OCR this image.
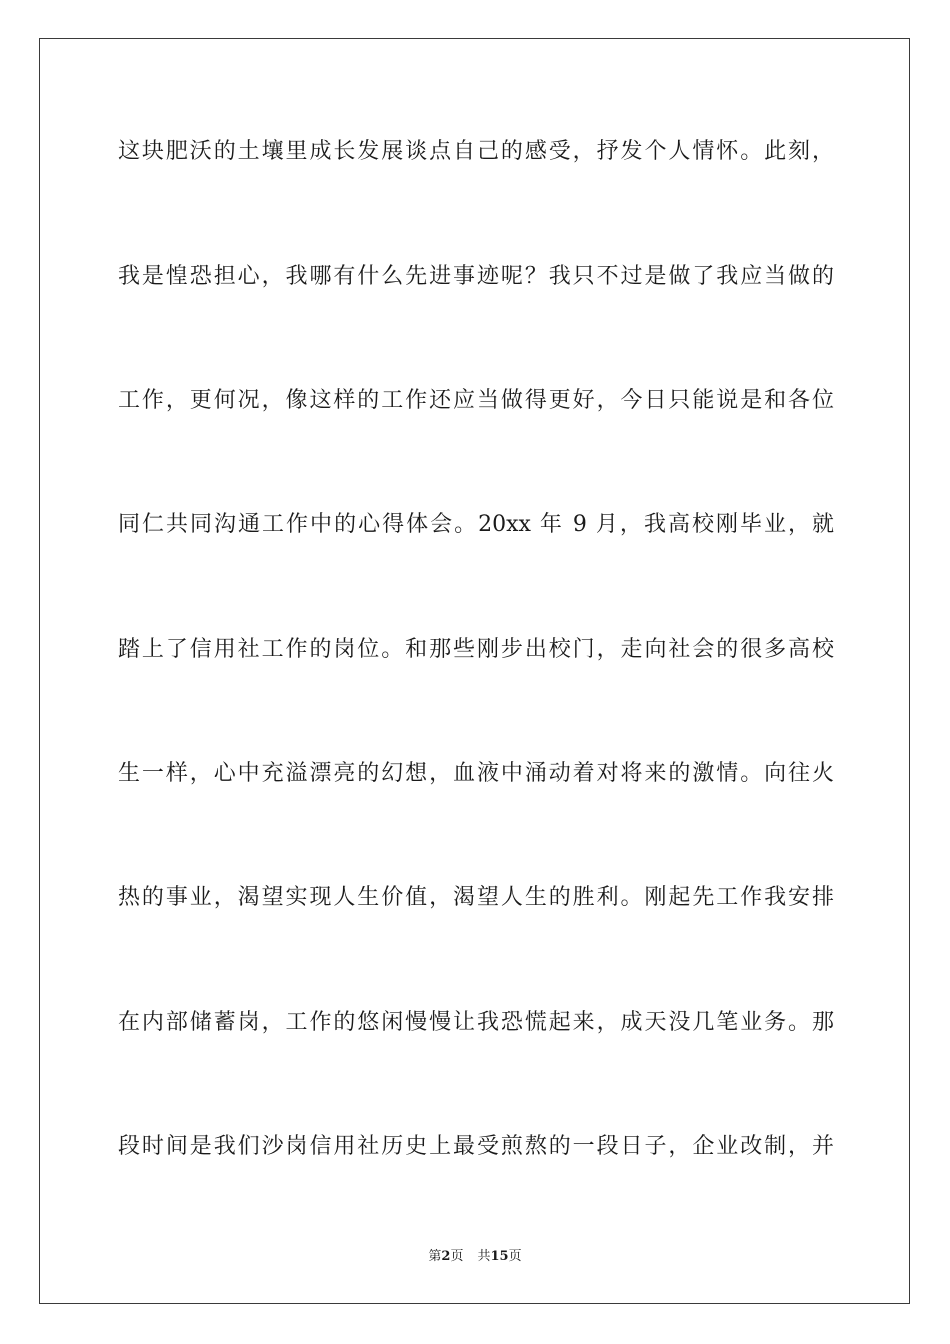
这块肥沃的土壤里成长发展谈点自己的感受，抒发个人情怀。此刻，
我是惶恐担心，我哪有什么先进事迹呢？我只不过是做了我应当做的
工作，更何况，像这样的工作还应当做得更好，今日只能说是和各位
同仁共同沟通工作中的心得体会。20xx 年 9 月，我高校刚毕业，就
踏上了信用社工作的岗位。和那些刚步出校门，走向社会的很多高校
生一样，心中充溢漂亮的幻想，血液中涌动着对将来的激情。向往火
热的事业，渴望实现人生价值，渴望人生的胜利。刚起先工作我安排
在内部储蓄岗，工作的悠闲慢慢让我恐慌起来，成天没几笔业务。那
段时间是我们沙岗信用社历史上最受煎熬的一段日子，企业改制，并
第2页 共15页
